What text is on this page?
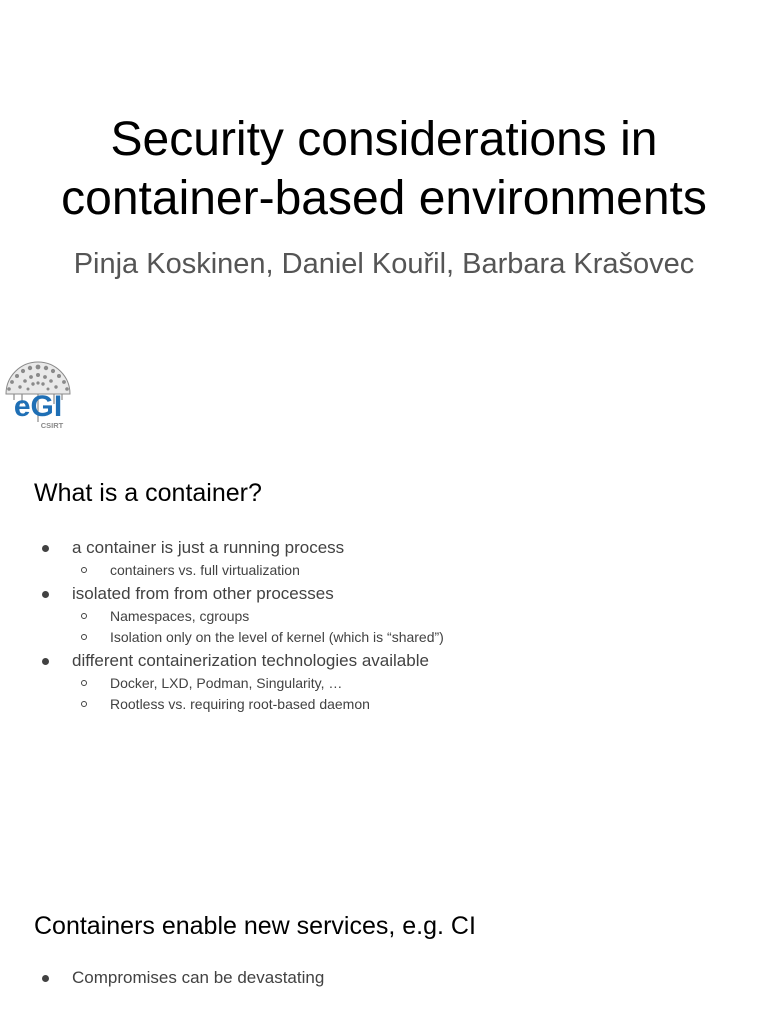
Security considerations in
container-based environments
Pinja Koskinen, Daniel Kouřil, Barbara Krašovec
eGI
CSIRT
What is a container?
a container is just a running process
containers vs. full virtualization
isolated from from other processes
Namespaces, cgroups
Isolation only on the level of kernel (which is “shared”)
different containerization technologies available
Docker, LXD, Podman, Singularity, …
Rootless vs. requiring root-based daemon
Containers enable new services, e.g. CI
Compromises can be devastating
